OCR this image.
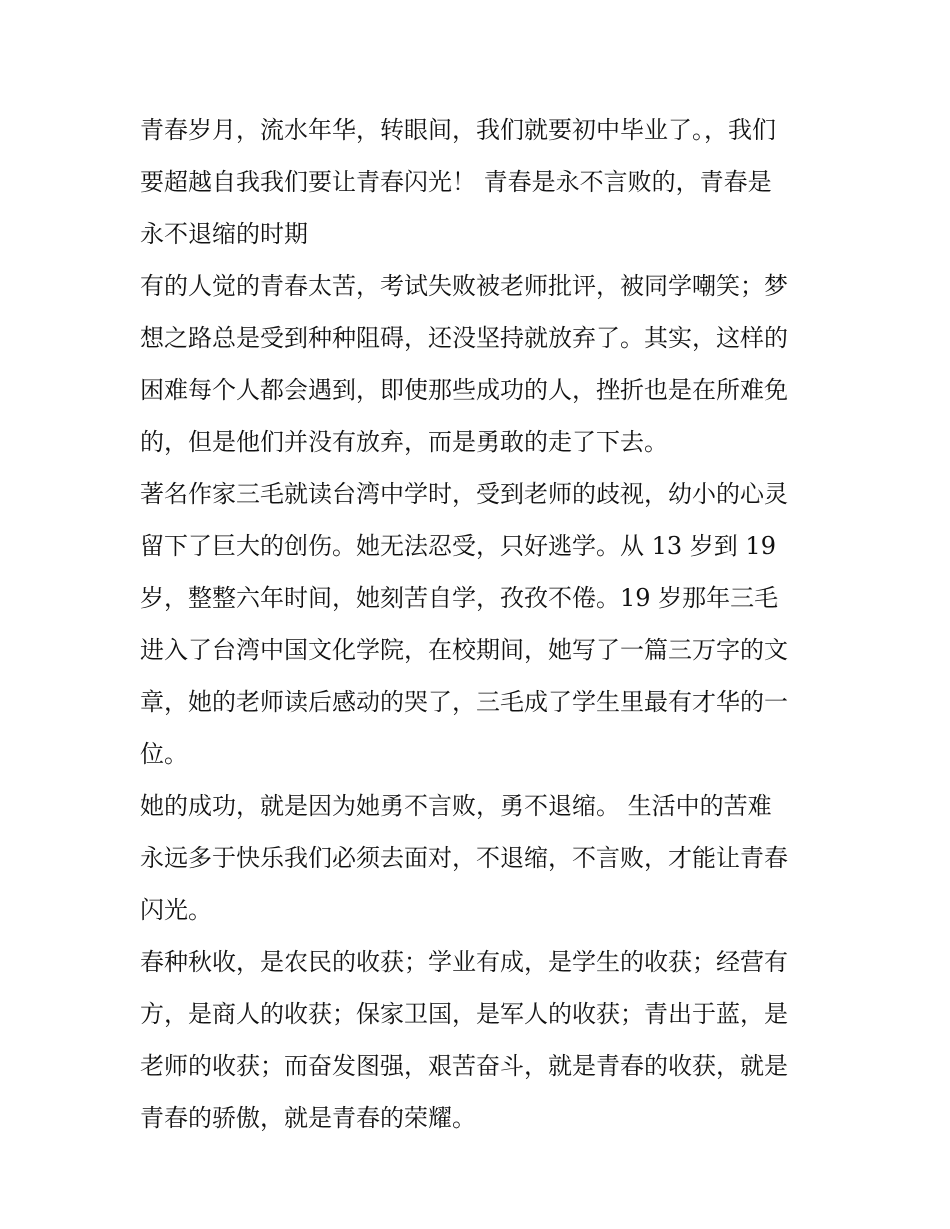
青春岁月，流水年华，转眼间，我们就要初中毕业了。，我们
要超越自我我们要让青春闪光！ 青春是永不言败的，青春是
永不退缩的时期
有的人觉的青春太苦，考试失败被老师批评，被同学嘲笑；梦
想之路总是受到种种阻碍，还没坚持就放弃了。其实，这样的
困难每个人都会遇到，即使那些成功的人，挫折也是在所难免
的，但是他们并没有放弃，而是勇敢的走了下去。
著名作家三毛就读台湾中学时，受到老师的歧视，幼小的心灵
留下了巨大的创伤。她无法忍受，只好逃学。从 13 岁到 19
岁，整整六年时间，她刻苦自学，孜孜不倦。19 岁那年三毛
进入了台湾中国文化学院，在校期间，她写了一篇三万字的文
章，她的老师读后感动的哭了，三毛成了学生里最有才华的一
位。
她的成功，就是因为她勇不言败，勇不退缩。 生活中的苦难
永远多于快乐我们必须去面对，不退缩，不言败，才能让青春
闪光。
春种秋收，是农民的收获；学业有成，是学生的收获；经营有
方，是商人的收获；保家卫国，是军人的收获；青出于蓝，是
老师的收获；而奋发图强，艰苦奋斗，就是青春的收获，就是
青春的骄傲，就是青春的荣耀。
